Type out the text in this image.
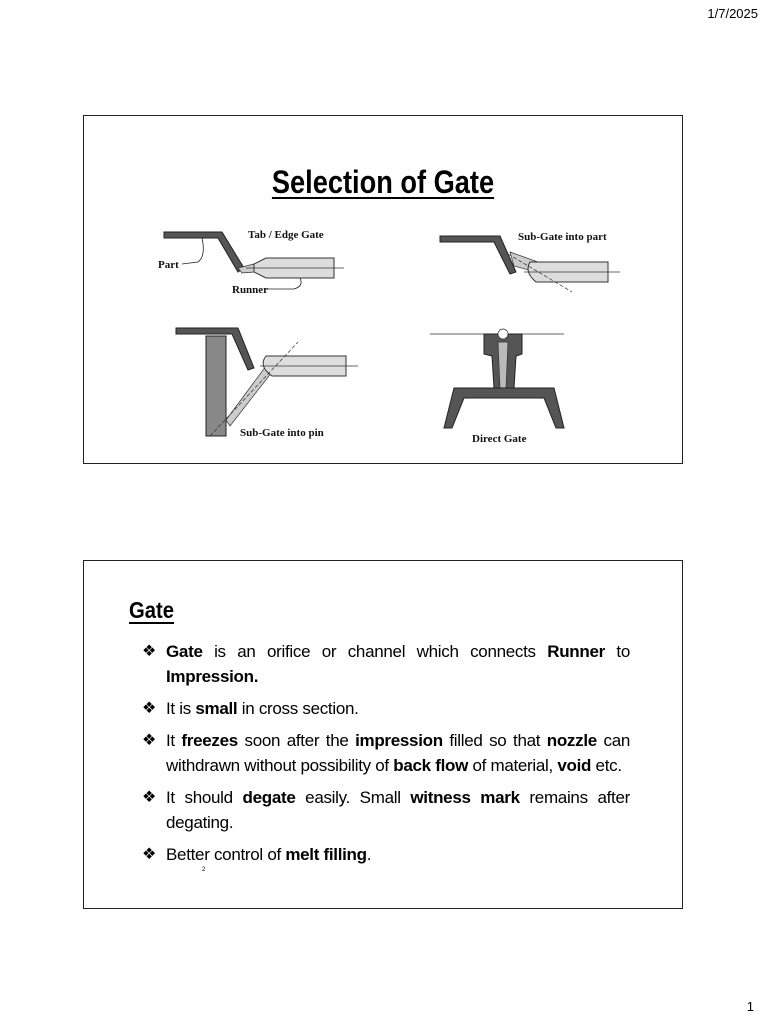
1/7/2025
Selection of Gate
Tab / Edge Gate
Part
Runner
Sub-Gate into part
Sub-Gate into pin	Direct Gate
Gate
❖ Gate is an orifice or channel which connects Runner to Impression.
❖ It is small in cross section.
❖ It freezes soon after the impression filled so that nozzle can withdrawn without possibility of back flow of material, void etc.
❖ It should degate easily. Small witness mark remains after degating.
❖ Better control of melt filling.
2
1
